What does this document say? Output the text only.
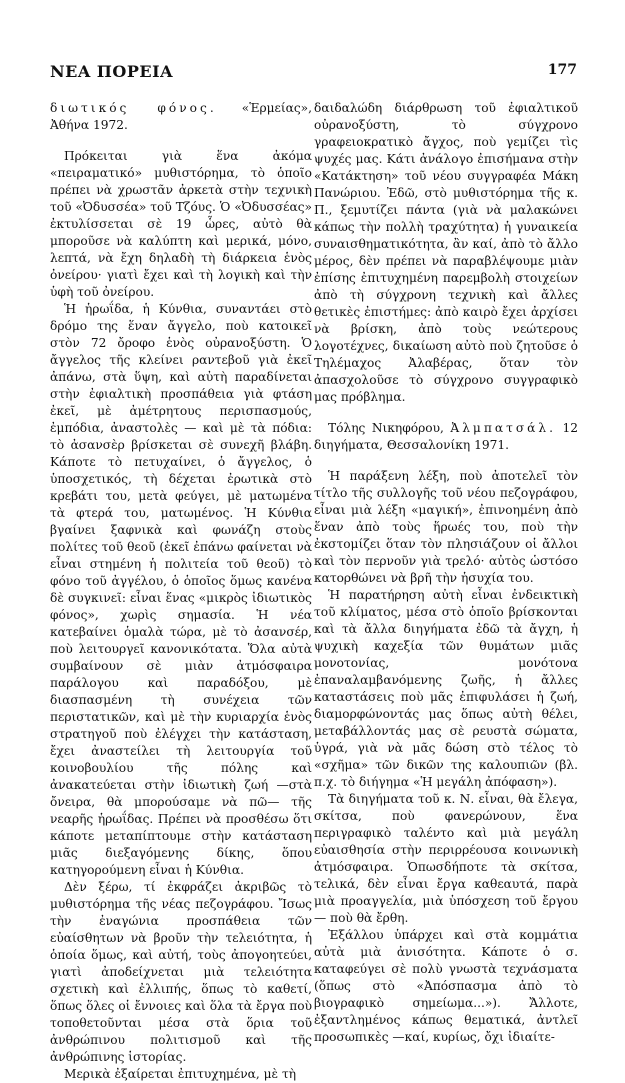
ΝΕΑ ΠΟΡΕΙΑ	177

διωτικός φόνος. «Ἑρμείας», Ἀθήνα 1972.

Πρόκειται γιὰ ἕνα ἀκόμα «πειραματικό» μυθιστόρημα, τὸ ὁποῖο πρέπει νὰ χρωστᾶν ἀρκετὰ στὴν τεχνικὴ τοῦ «Ὀδυσσέα» τοῦ Τζόυς. Ὁ «Ὀδυσσέας» ἐκτυλίσσεται σὲ 19 ὧρες, αὐτὸ θὰ μποροῦσε νὰ καλύπτη καὶ μερικά, μόνο, λεπτά, νὰ ἔχη δηλαδὴ τὴ διάρκεια ἑνὸς ὀνείρου· γιατὶ ἔχει καὶ τὴ λογικὴ καὶ τὴν ὑφὴ τοῦ ὀνείρου.

Ἡ ἡρωΐδα, ἡ Κύνθια, συναντάει στὸ δρόμο της ἕναν ἄγγελο, ποὺ κατοικεῖ στὸν 72 ὄροφο ἑνὸς οὐρανοξύστη. Ὁ ἄγγελος τῆς κλείνει ραντεβοῦ γιὰ ἐκεῖ ἀπάνω, στὰ ὕψη, καὶ αὐτὴ παραδίνεται στὴν ἐφιαλτικὴ προσπάθεια γιὰ φτάση ἐκεῖ, μὲ ἀμέτρητους περισπασμούς, ἐμπόδια, ἀναστολὲς — καὶ μὲ τὰ πόδια: τὸ ἀσανσὲρ βρίσκεται σὲ συνεχῆ βλάβη. Κάποτε τὸ πετυχαίνει, ὁ ἄγγελος, ὁ ὑποσχετικός, τὴ δέχεται ἐρωτικὰ στὸ κρεβάτι του, μετὰ φεύγει, μὲ ματωμένα τὰ φτερά του, ματωμένος. Ἡ Κύνθια βγαίνει ξαφνικὰ καὶ φωνάζη στοὺς πολίτες τοῦ θεοῦ (ἐκεῖ ἐπάνω φαίνεται νὰ εἶναι στημένη ἡ πολιτεία τοῦ θεοῦ) τὸ φόνο τοῦ ἀγγέλου, ὁ ὁποῖος ὅμως κανένα δὲ συγκινεῖ: εἶναι ἕνας «μικρὸς ἰδιωτικὸς φόνος», χωρὶς σημασία. Ἡ νέα κατεβαίνει ὁμαλὰ τώρα, μὲ τὸ ἀσανσέρ, ποὺ λειτουργεῖ κανονικότατα. Ὅλα αὐτὰ συμβαίνουν σὲ μιὰν ἀτμόσφαιρα παράλογου καὶ παραδόξου, μὲ διασπασμένη τὴ συνέχεια τῶν περιστατικῶν, καὶ μὲ τὴν κυριαρχία ἑνὸς στρατηγοῦ ποὺ ἐλέγχει τὴν κατάσταση, ἔχει ἀναστείλει τὴ λειτουργία τοῦ κοινοβουλίου τῆς πόλης καὶ ἀνακατεύεται στὴν ἰδιωτικὴ ζωή —στὰ ὄνειρα, θὰ μπορούσαμε νὰ πῶ— τῆς νεαρῆς ἡρωΐδας. Πρέπει νὰ προσθέσω ὅτι κάποτε μεταπίπτουμε στὴν κατάσταση μιᾶς διεξαγόμενης δίκης, ὅπου κατηγορούμενη εἶναι ἡ Κύνθια.

Δὲν ξέρω, τί ἐκφράζει ἀκριβῶς τὸ μυθιστόρημα τῆς νέας πεζογράφου. Ἴσως τὴν ἐναγώνια προσπάθεια τῶν εὐαίσθητων νὰ βροῦν τὴν τελειότητα, ἡ ὁποία ὅμως, καὶ αὐτή, τοὺς ἀπογοητεύει, γιατὶ ἀποδείχνεται μιὰ τελειότητα σχετικὴ καὶ ἐλλιπής, ὅπως τὸ καθετί, ὅπως ὅλες οἱ ἔννοιες καὶ ὅλα τὰ ἔργα ποὺ τοποθετοῦνται μέσα στὰ ὅρια τοῦ ἀνθρώπινου πολιτισμοῦ καὶ τῆς ἀνθρώπινης ἱστορίας.

Μερικὰ ἐξαίρεται ἐπιτυχημένα, μὲ τὴ

δαιδαλώδη διάρθρωση τοῦ ἐφιαλτικοῦ οὐρανοξύστη, τὸ σύγχρονο γραφειοκρατικὸ ἄγχος, ποὺ γεμίζει τὶς ψυχές μας. Κάτι ἀνάλογο ἐπισήμανα στὴν «Κατάκτηση» τοῦ νέου συγγραφέα Μάκη Πανώριου. Ἐδῶ, στὸ μυθιστόρημα τῆς κ. Π., ξεμυτίζει πάντα (γιὰ νὰ μαλακώνει κάπως τὴν πολλὴ τραχύτητα) ἡ γυναικεία συναισθηματικότητα, ἂν καί, ἀπὸ τὸ ἄλλο μέρος, δὲν πρέπει νὰ παραβλέψουμε μιὰν ἐπίσης ἐπιτυχημένη παρεμβολὴ στοιχείων ἀπὸ τὴ σύγχρονη τεχνικὴ καὶ ἄλλες θετικὲς ἐπιστήμες: ἀπὸ καιρὸ ἔχει ἀρχίσει νὰ βρίσκη, ἀπὸ τοὺς νεώτερους λογοτέχνες, δικαίωση αὐτὸ ποὺ ζητοῦσε ὁ Τηλέμαχος Ἀλαβέρας, ὅταν τὸν ἀπασχολοῦσε τὸ σύγχρονο συγγραφικὸ μας πρόβλημα.

Τόλης Νικηφόρου, Ἀλμπατσάλ. 12 διηγήματα, Θεσσαλονίκη 1971.

Ἡ παράξενη λέξη, ποὺ ἀποτελεῖ τὸν τίτλο τῆς συλλογῆς τοῦ νέου πεζογράφου, εἶναι μιὰ λέξη «μαγική», ἐπινοημένη ἀπὸ ἕναν ἀπὸ τοὺς ἥρωές του, ποὺ τὴν ἐκστομίζει ὅταν τὸν πλησιάζουν οἱ ἄλλοι καὶ τὸν περνοῦν γιὰ τρελό· αὐτὸς ὡστόσο κατορθώνει νὰ βρῆ τὴν ἡσυχία του.

Ἡ παρατήρηση αὐτὴ εἶναι ἐνδεικτικὴ τοῦ κλίματος, μέσα στὸ ὁποῖο βρίσκονται καὶ τὰ ἄλλα διηγήματα ἐδῶ τὰ ἄγχη, ἡ ψυχικὴ καχεξία τῶν θυμάτων μιᾶς μονοτονίας, μονότονα ἐπαναλαμβανόμενης ζωῆς, ἡ ἄλλες καταστάσεις ποὺ μᾶς ἐπιφυλάσει ἡ ζωή, διαμορφώνοντάς μας ὅπως αὐτὴ θέλει, μεταβάλλοντάς μας σὲ ρευστὰ σώματα, ὑγρά, γιὰ νὰ μᾶς δώση στὸ τέλος τὸ «σχῆμα» τῶν δικῶν της καλουπιῶν (βλ. π.χ. τὸ διήγημα «Ἡ μεγάλη ἀπόφαση»).

Τὰ διηγήματα τοῦ κ. Ν. εἶναι, θὰ ἔλεγα, σκίτσα, ποὺ φανερώνουν, ἕνα περιγραφικὸ ταλέντο καὶ μιὰ μεγάλη εὐαισθησία στὴν περιρρέουσα κοινωνικὴ ἀτμόσφαιρα. Ὁπωσδήποτε τὰ σκίτσα, τελικά, δὲν εἶναι ἔργα καθεαυτά, παρὰ μιὰ προαγγελία, μιὰ ὑπόσχεση τοῦ ἔργου — ποὺ θὰ ἔρθη.

Ἐξάλλου ὑπάρχει καὶ στὰ κομμάτια αὐτὰ μιὰ ἀνισότητα. Κάποτε ὁ σ. καταφεύγει σὲ πολὺ γνωστὰ τεχνάσματα (ὅπως στὸ «Ἀπόσπασμα ἀπὸ τὸ βιογραφικὸ σημείωμα...»). Ἄλλοτε, ἐξαντλημένος κάπως θεματικά, ἀντλεῖ προσωπικὲς —καί, κυρίως, ὄχι ἰδιαίτε-
